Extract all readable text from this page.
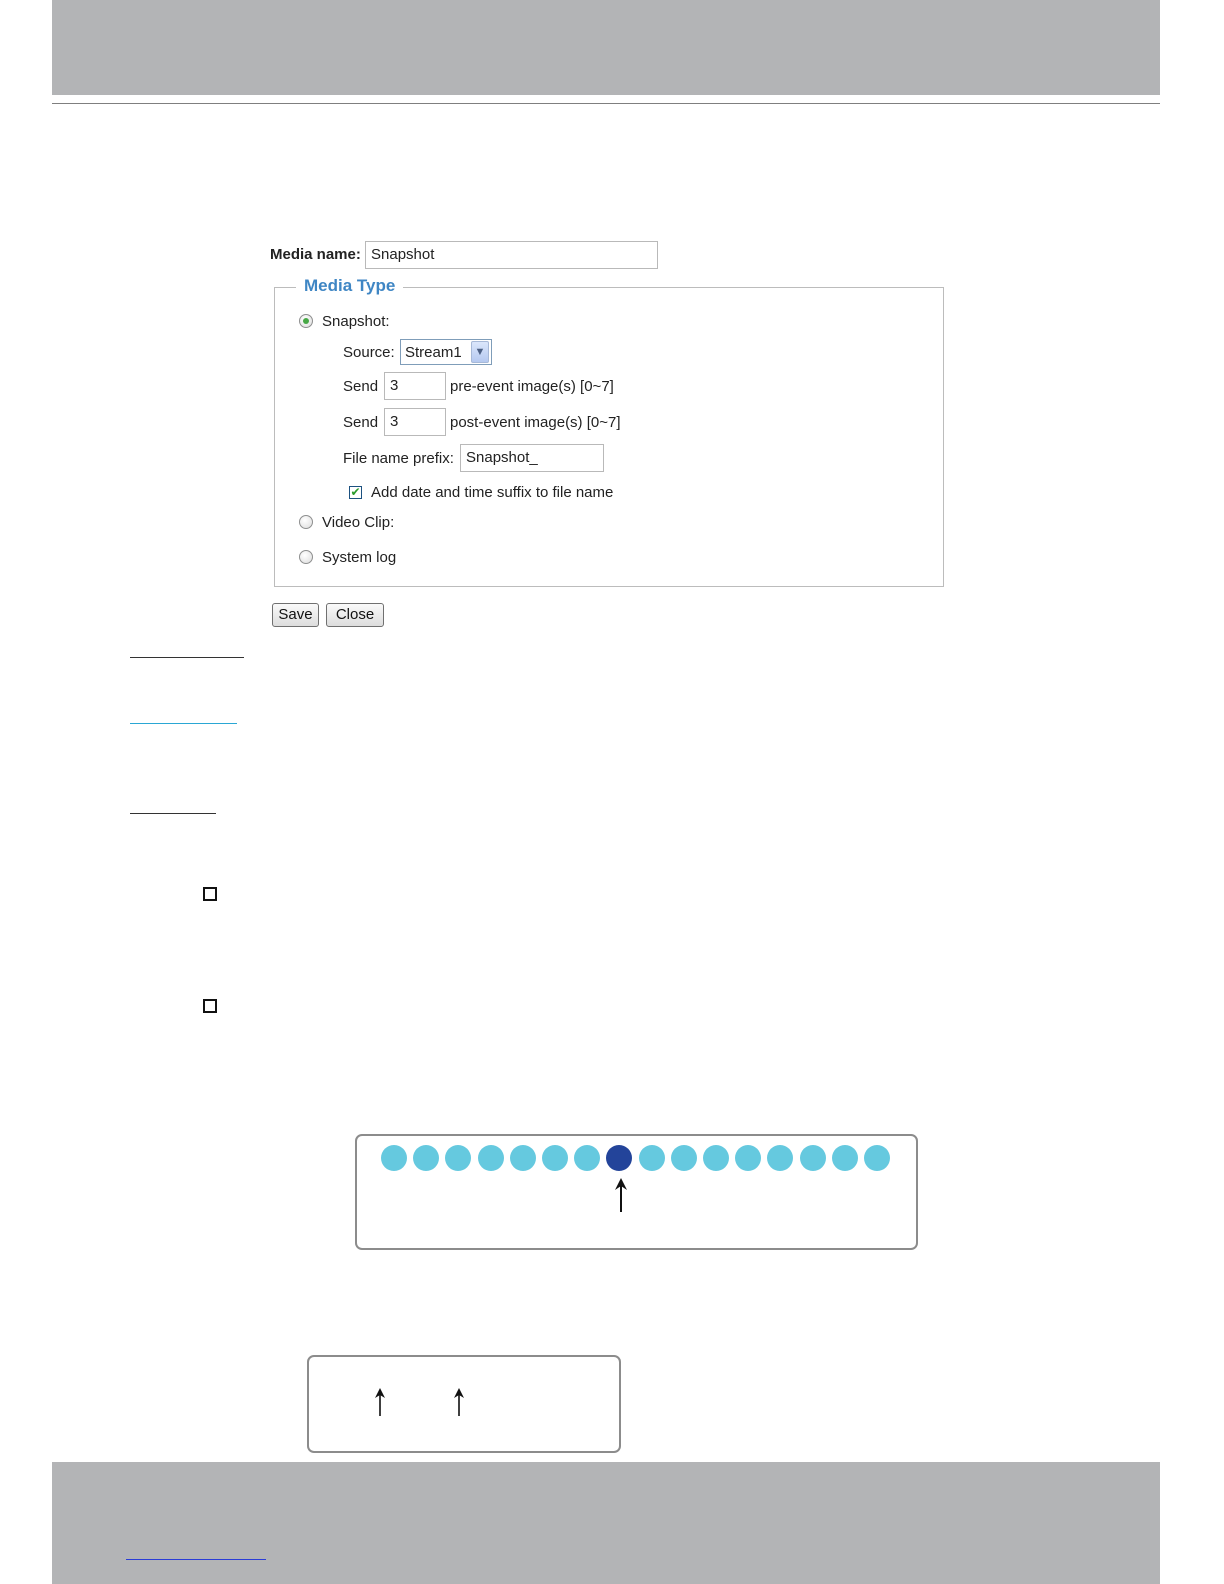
Media name: Snapshot
Media Type
Snapshot:
Source: Stream1	▼
Send 3	pre-event image(s) [0~7]
Send 3	post-event image(s) [0~7]
File name prefix: Snapshot_
✔ Add date and time suffix to file name
Video Clip:
System log
Save	Close
